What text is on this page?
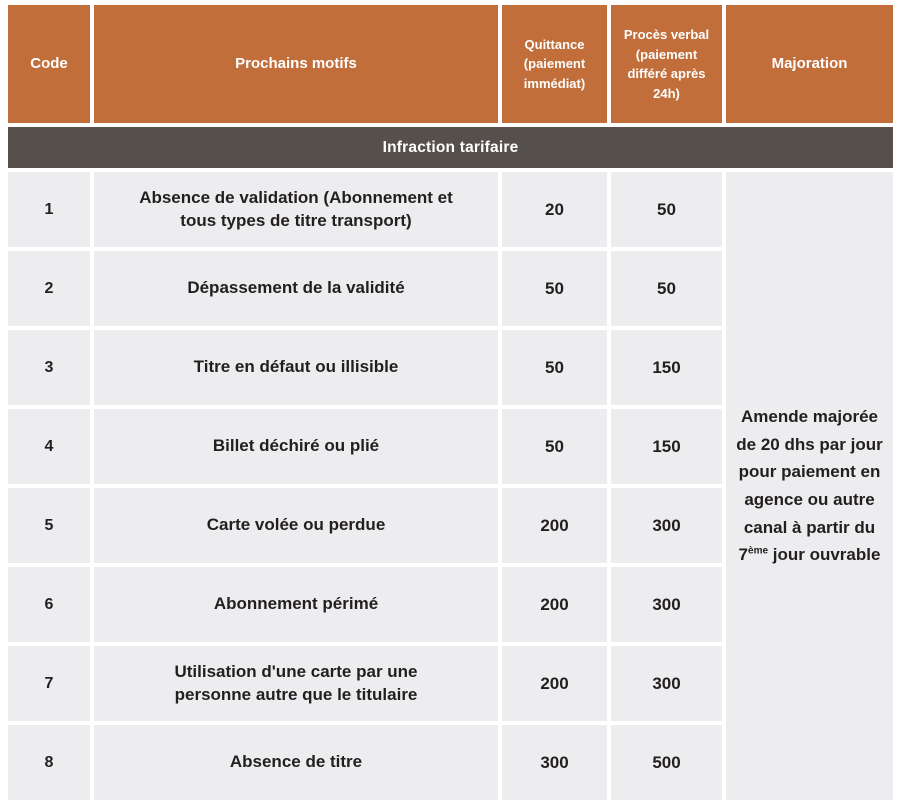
Code	Prochains motifs	Quittance (paiement immédiat)	Procès verbal (paiement différé après 24h)	Majoration
Infraction tarifaire				
1	Absence de validation (Abonnement et tous types de titre transport)	20	50	Amende majorée de 20 dhs par jour pour paiement en agence ou autre canal à partir du 7ème jour ouvrable
2	Dépassement de la validité	50	50	
3	Titre en défaut ou illisible	50	150	
4	Billet déchiré ou plié	50	150	
5	Carte volée ou perdue	200	300	
6	Abonnement périmé	200	300	
7	Utilisation d'une carte par une personne autre que le titulaire	200	300	
8	Absence de titre	300	500	
